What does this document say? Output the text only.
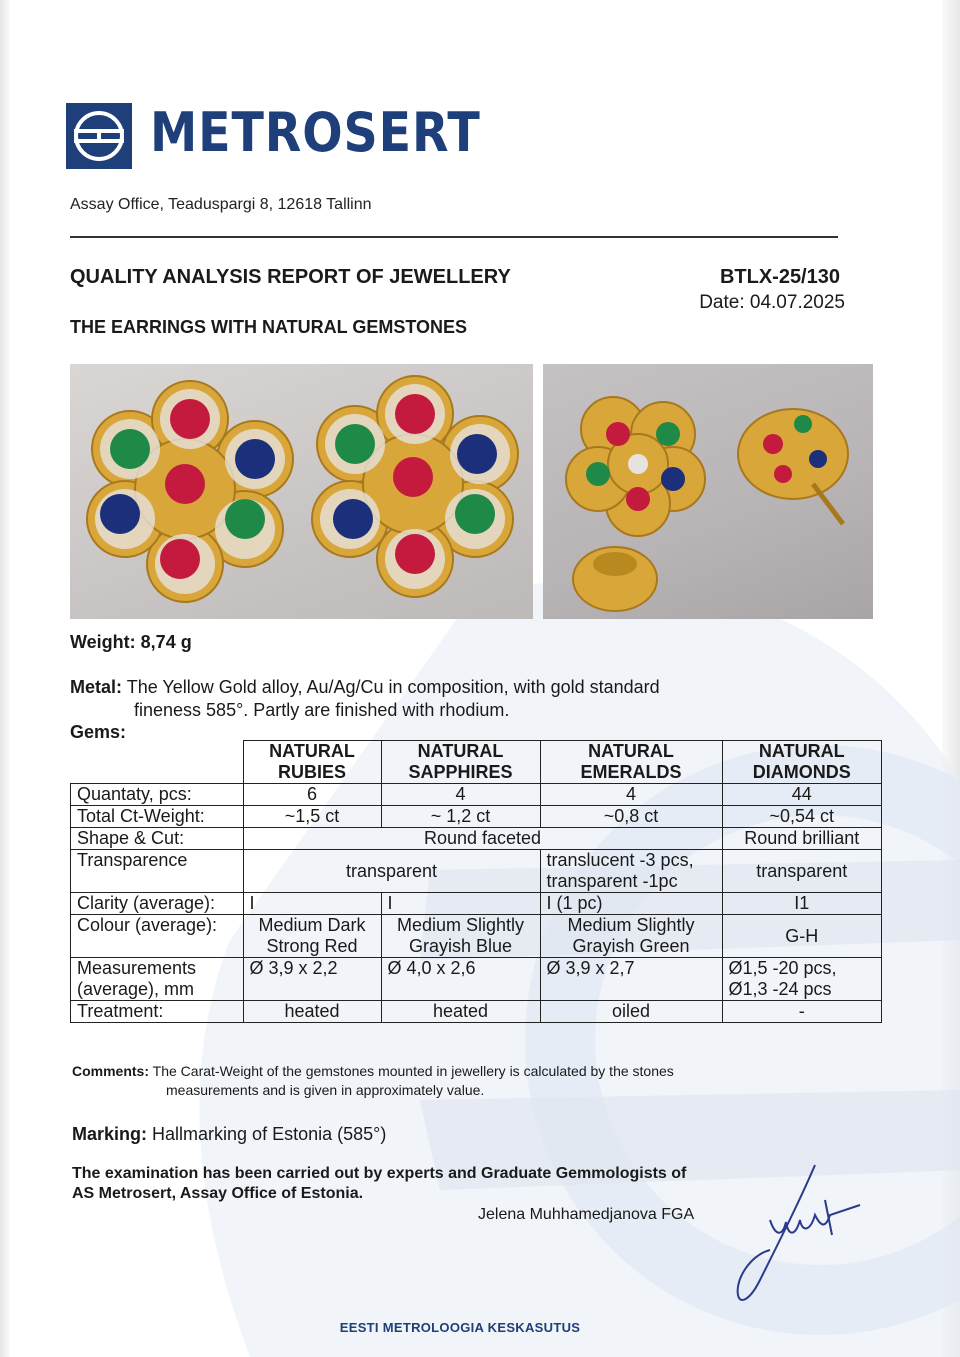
METROSERT
Assay Office, Teaduspargi 8, 12618 Tallinn
QUALITY ANALYSIS REPORT OF JEWELLERY	BTLX-25/130
Date: 04.07.2025
THE EARRINGS WITH NATURAL GEMSTONES
Weight: 8,74 g
Metal: The Yellow Gold alloy, Au/Ag/Cu in composition, with gold standard
fineness 585°. Partly are finished with rhodium.
Gems:
	NATURAL
RUBIES	NATURAL
SAPPHIRES	NATURAL
EMERALDS	NATURAL
DIAMONDS
Quantaty, pcs:	6	4	4	44
Total Ct-Weight:	~1,5 ct	~ 1,2 ct	~0,8 ct	~0,54 ct
Shape & Cut:	Round faceted			Round brilliant
Transparence	transparent		translucent -3 pcs,
transparent -1pc	transparent
Clarity (average):	I	I	I (1 pc)	I1
Colour (average):	Medium Dark
Strong Red	Medium Slightly
Grayish Blue	Medium Slightly
Grayish Green	G-H
Measurements
(average), mm	Ø 3,9 x 2,2	Ø 4,0 x 2,6	Ø 3,9 x 2,7	Ø1,5 -20 pcs,
Ø1,3 -24 pcs
Treatment:	heated	heated	oiled	-
Comments: The Carat-Weight of the gemstones mounted in jewellery is calculated by the stones
measurements and is given in approximately value.
Marking: Hallmarking of Estonia (585°)
The examination has been carried out by experts and Graduate Gemmologists of
AS Metrosert, Assay Office of Estonia.
Jelena Muhhamedjanova FGA
EESTI METROLOOGIA KESKASUTUS
